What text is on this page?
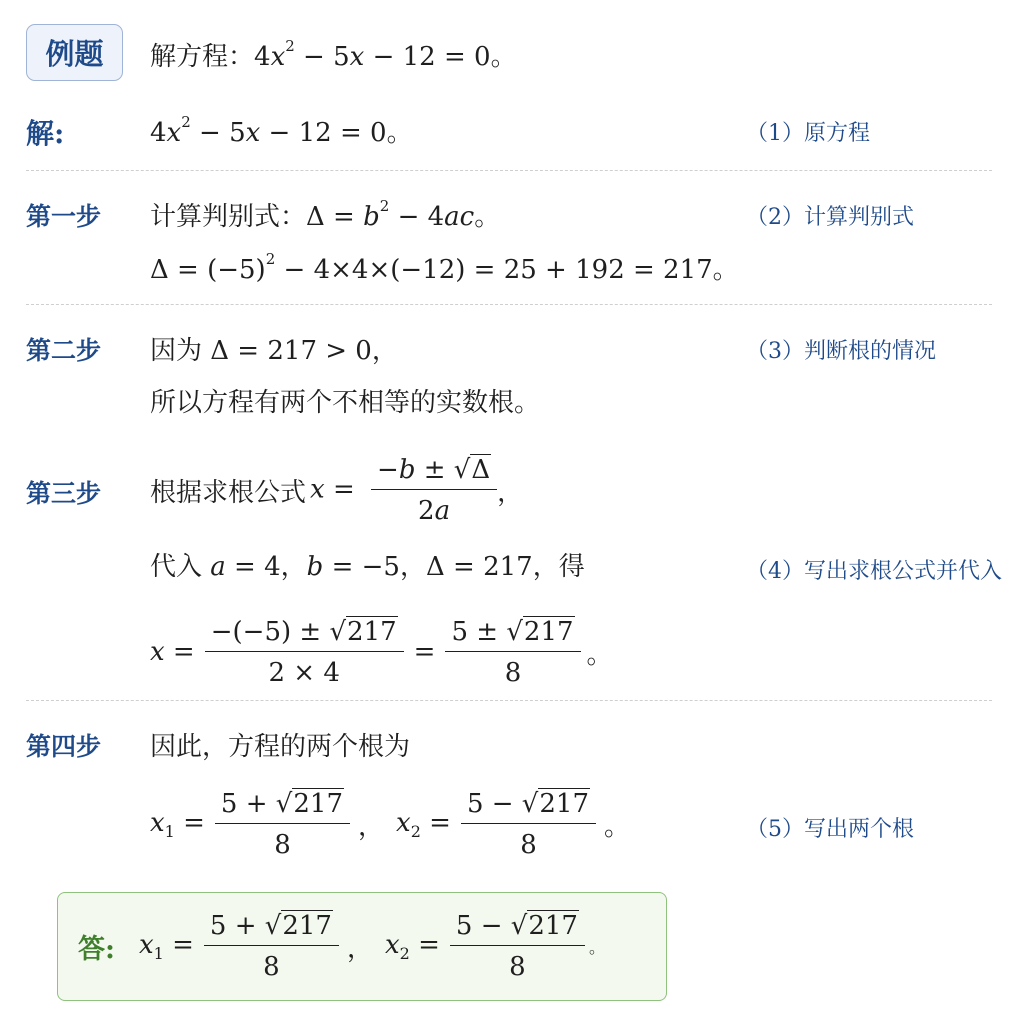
例题	解方程：$4x^2 - 5x - 12 = 0$。
解:	$4x^2 - 5x - 12 = 0$。	（1）原方程
第一步 计算判别式：$\Delta = b^2 - 4ac$。	（2）计算判别式
$\Delta = (-5)^2 - 4\times 4\times(-12) = 25 + 192 = 217$。
第二步 因为 Δ = 217 > 0，	（3）判断根的情况
所以方程有两个不相等的实数根。
第三步 根据求根公式 $x = \frac{-b \pm √\Delta}{2a}$ ，
代入 a = 4，b = −5，Δ = 217，得	（4）写出求根公式并代入
$x = \frac{-(-5) \pm √217}{2 \times 4} = \frac{5 \pm √217}{8}$ 。
第四步 因此，方程的两个根为
$x_1 = \frac{5 + √217}{8}$ ， $x_2 = \frac{5 - √217}{8}$ 。	（5）写出两个根
答: $x_1 = \frac{5 + √217}{8}$ ， $x_2 = \frac{5 - √217}{8}$ 。
